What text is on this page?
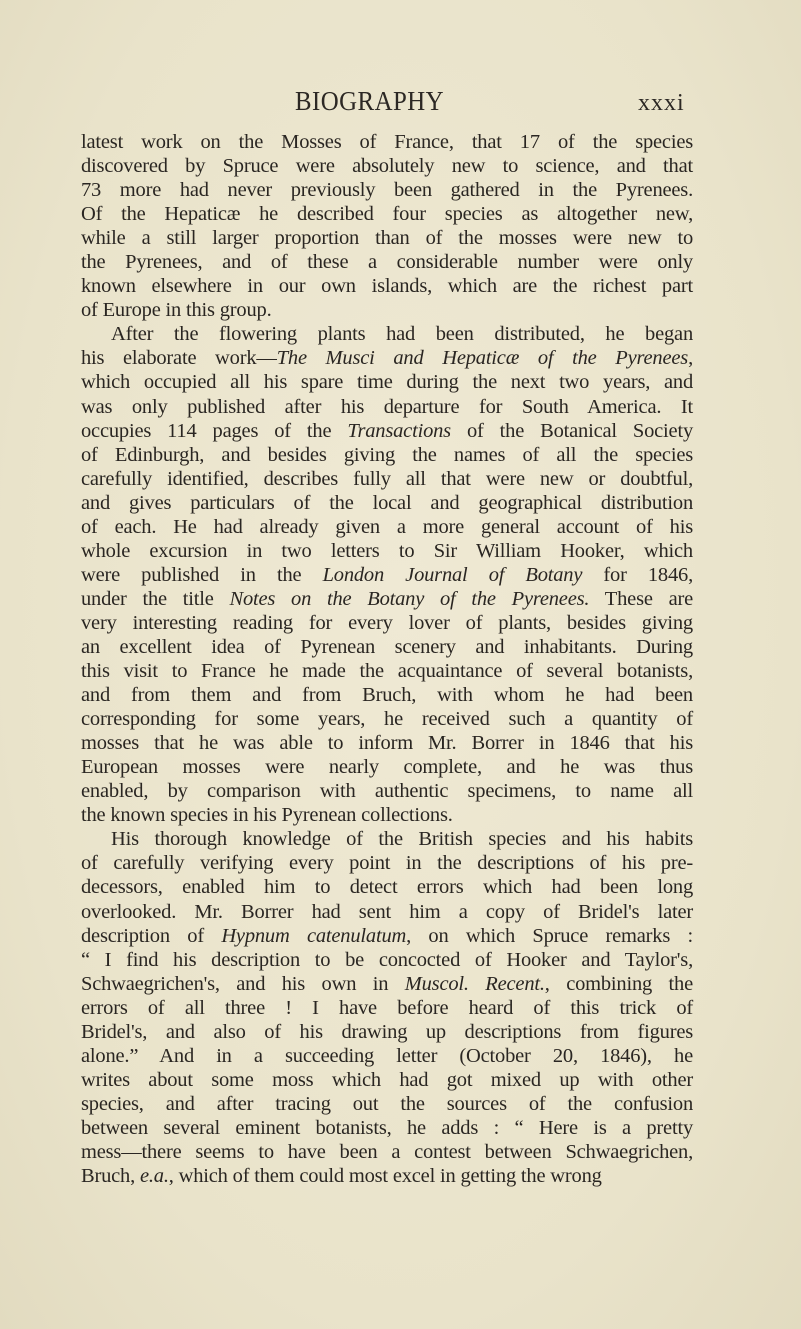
BIOGRAPHY	xxxi
latest work on the Mosses of France, that 17 of the species
discovered by Spruce were absolutely new to science, and that
73 more had never previously been gathered in the Pyrenees.
Of the Hepaticæ he described four species as altogether new,
while a still larger proportion than of the mosses were new to
the Pyrenees, and of these a considerable number were only
known elsewhere in our own islands, which are the richest part
of Europe in this group.
After the flowering plants had been distributed, he began
his elaborate work—The Musci and Hepaticæ of the Pyrenees,
which occupied all his spare time during the next two years, and
was only published after his departure for South America. It
occupies 114 pages of the Transactions of the Botanical Society
of Edinburgh, and besides giving the names of all the species
carefully identified, describes fully all that were new or doubtful,
and gives particulars of the local and geographical distribution
of each. He had already given a more general account of his
whole excursion in two letters to Sir William Hooker, which
were published in the London Journal of Botany for 1846,
under the title Notes on the Botany of the Pyrenees. These are
very interesting reading for every lover of plants, besides giving
an excellent idea of Pyrenean scenery and inhabitants. During
this visit to France he made the acquaintance of several botanists,
and from them and from Bruch, with whom he had been
corresponding for some years, he received such a quantity of
mosses that he was able to inform Mr. Borrer in 1846 that his
European mosses were nearly complete, and he was thus
enabled, by comparison with authentic specimens, to name all
the known species in his Pyrenean collections.
His thorough knowledge of the British species and his habits
of carefully verifying every point in the descriptions of his pre-
decessors, enabled him to detect errors which had been long
overlooked. Mr. Borrer had sent him a copy of Bridel's later
description of Hypnum catenulatum, on which Spruce remarks :
“ I find his description to be concocted of Hooker and Taylor's,
Schwaegrichen's, and his own in Muscol. Recent., combining the
errors of all three ! I have before heard of this trick of
Bridel's, and also of his drawing up descriptions from figures
alone.” And in a succeeding letter (October 20, 1846), he
writes about some moss which had got mixed up with other
species, and after tracing out the sources of the confusion
between several eminent botanists, he adds : “ Here is a pretty
mess—there seems to have been a contest between Schwaegrichen,
Bruch, e.a., which of them could most excel in getting the wrong
